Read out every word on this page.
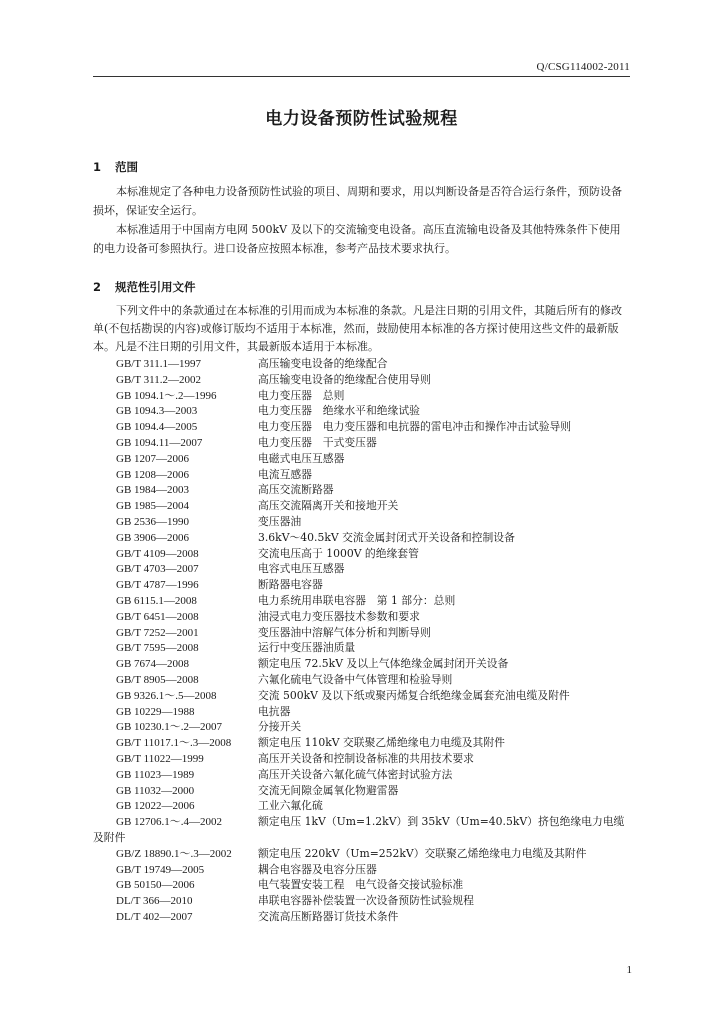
Q/CSG114002-2011
电力设备预防性试验规程
1 范围

本标准规定了各种电力设备预防性试验的项目、周期和要求，用以判断设备是否符合运行条件，预防设备损坏，保证安全运行。

本标准适用于中国南方电网 500kV 及以下的交流输变电设备。高压直流输电设备及其他特殊条件下使用的电力设备可参照执行。进口设备应按照本标准，参考产品技术要求执行。

2 规范性引用文件

下列文件中的条款通过在本标准的引用而成为本标准的条款。凡是注日期的引用文件，其随后所有的修改单(不包括勘误的内容)或修订版均不适用于本标准，然而，鼓励使用本标准的各方探讨使用这些文件的最新版本。凡是不注日期的引用文件，其最新版本适用于本标准。

GB/T 311.1—1997	高压输变电设备的绝缘配合
GB/T 311.2—2002	高压输变电设备的绝缘配合使用导则
GB 1094.1～.2—1996	电力变压器　总则
GB 1094.3—2003	电力变压器　绝缘水平和绝缘试验
GB 1094.4—2005	电力变压器　电力变压器和电抗器的雷电冲击和操作冲击试验导则
GB 1094.11—2007	电力变压器　干式变压器
GB 1207—2006	电磁式电压互感器
GB 1208—2006	电流互感器
GB 1984—2003	高压交流断路器
GB 1985—2004	高压交流隔离开关和接地开关
GB 2536—1990	变压器油
GB 3906—2006	3.6kV～40.5kV 交流金属封闭式开关设备和控制设备
GB/T 4109—2008	交流电压高于 1000V 的绝缘套管
GB/T 4703—2007	电容式电压互感器
GB/T 4787—1996	断路器电容器
GB 6115.1—2008	电力系统用串联电容器　第 1 部分：总则
GB/T 6451—2008	油浸式电力变压器技术参数和要求
GB/T 7252—2001	变压器油中溶解气体分析和判断导则
GB/T 7595—2008	运行中变压器油质量
GB 7674—2008	额定电压 72.5kV 及以上气体绝缘金属封闭开关设备
GB/T 8905—2008	六氟化硫电气设备中气体管理和检验导则
GB 9326.1～.5—2008	交流 500kV 及以下纸或聚丙烯复合纸绝缘金属套充油电缆及附件
GB 10229—1988	电抗器
GB 10230.1～.2—2007	分接开关
GB/T 11017.1～.3—2008 额定电压 110kV 交联聚乙烯绝缘电力电缆及其附件
GB/T 11022—1999	高压开关设备和控制设备标准的共用技术要求
GB 11023—1989	高压开关设备六氟化硫气体密封试验方法
GB 11032—2000	交流无间隙金属氧化物避雷器
GB 12022—2006	工业六氟化硫
GB 12706.1～.4—2002	额定电压 1kV（Um=1.2kV）到 35kV（Um=40.5kV）挤包绝缘电力电缆
及附件
GB/Z 18890.1～.3—2002 额定电压 220kV（Um=252kV）交联聚乙烯绝缘电力电缆及其附件
GB/T 19749—2005	耦合电容器及电容分压器
GB 50150—2006	电气装置安装工程　电气设备交接试验标准
DL/T 366—2010	串联电容器补偿装置一次设备预防性试验规程
DL/T 402—2007	交流高压断路器订货技术条件
1
